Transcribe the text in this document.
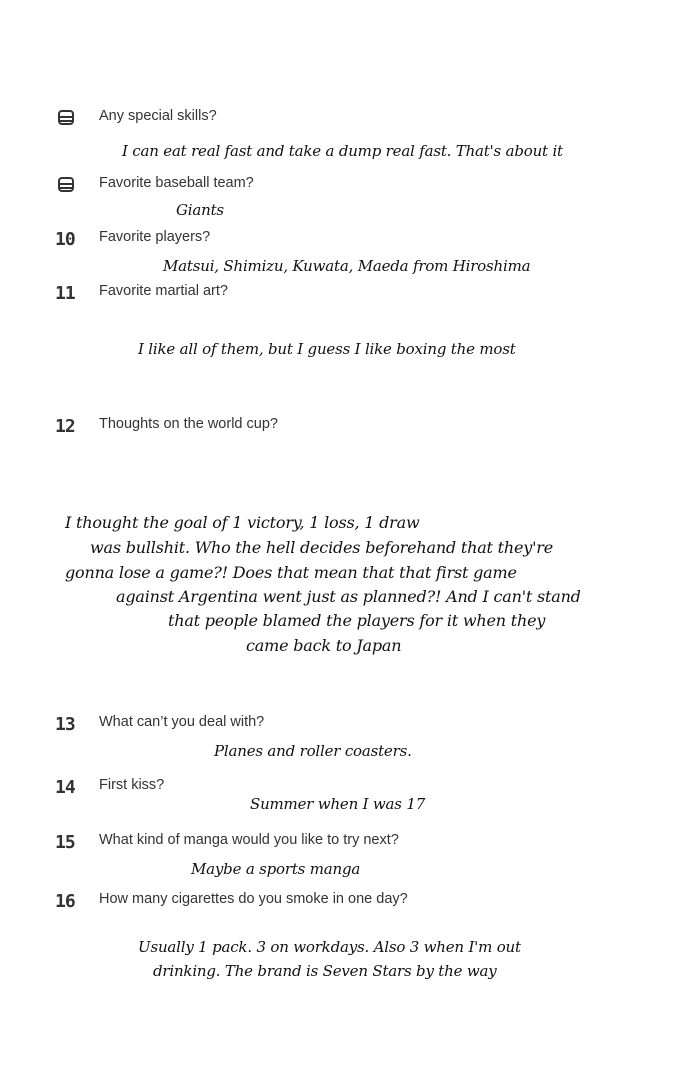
Any special skills?
I can eat real fast and take a dump real fast. That's about it
Favorite baseball team?
Giants
10 Favorite players?
Matsui, Shimizu, Kuwata, Maeda from Hiroshima
11 Favorite martial art?
I like all of them, but I guess I like boxing the most
12 Thoughts on the world cup?
I thought the goal of 1 victory, 1 loss, 1 draw
was bullshit. Who the hell decides beforehand that they're
gonna lose a game?! Does that mean that that first game
against Argentina went just as planned?! And I can't stand
that people blamed the players for it when they
came back to Japan
13 What can’t you deal with?
Planes and roller coasters.
14 First kiss?
Summer when I was 17
15 What kind of manga would you like to try next?
Maybe a sports manga
16 How many cigarettes do you smoke in one day?
Usually 1 pack. 3 on workdays. Also 3 when I'm out
drinking. The brand is Seven Stars by the way
